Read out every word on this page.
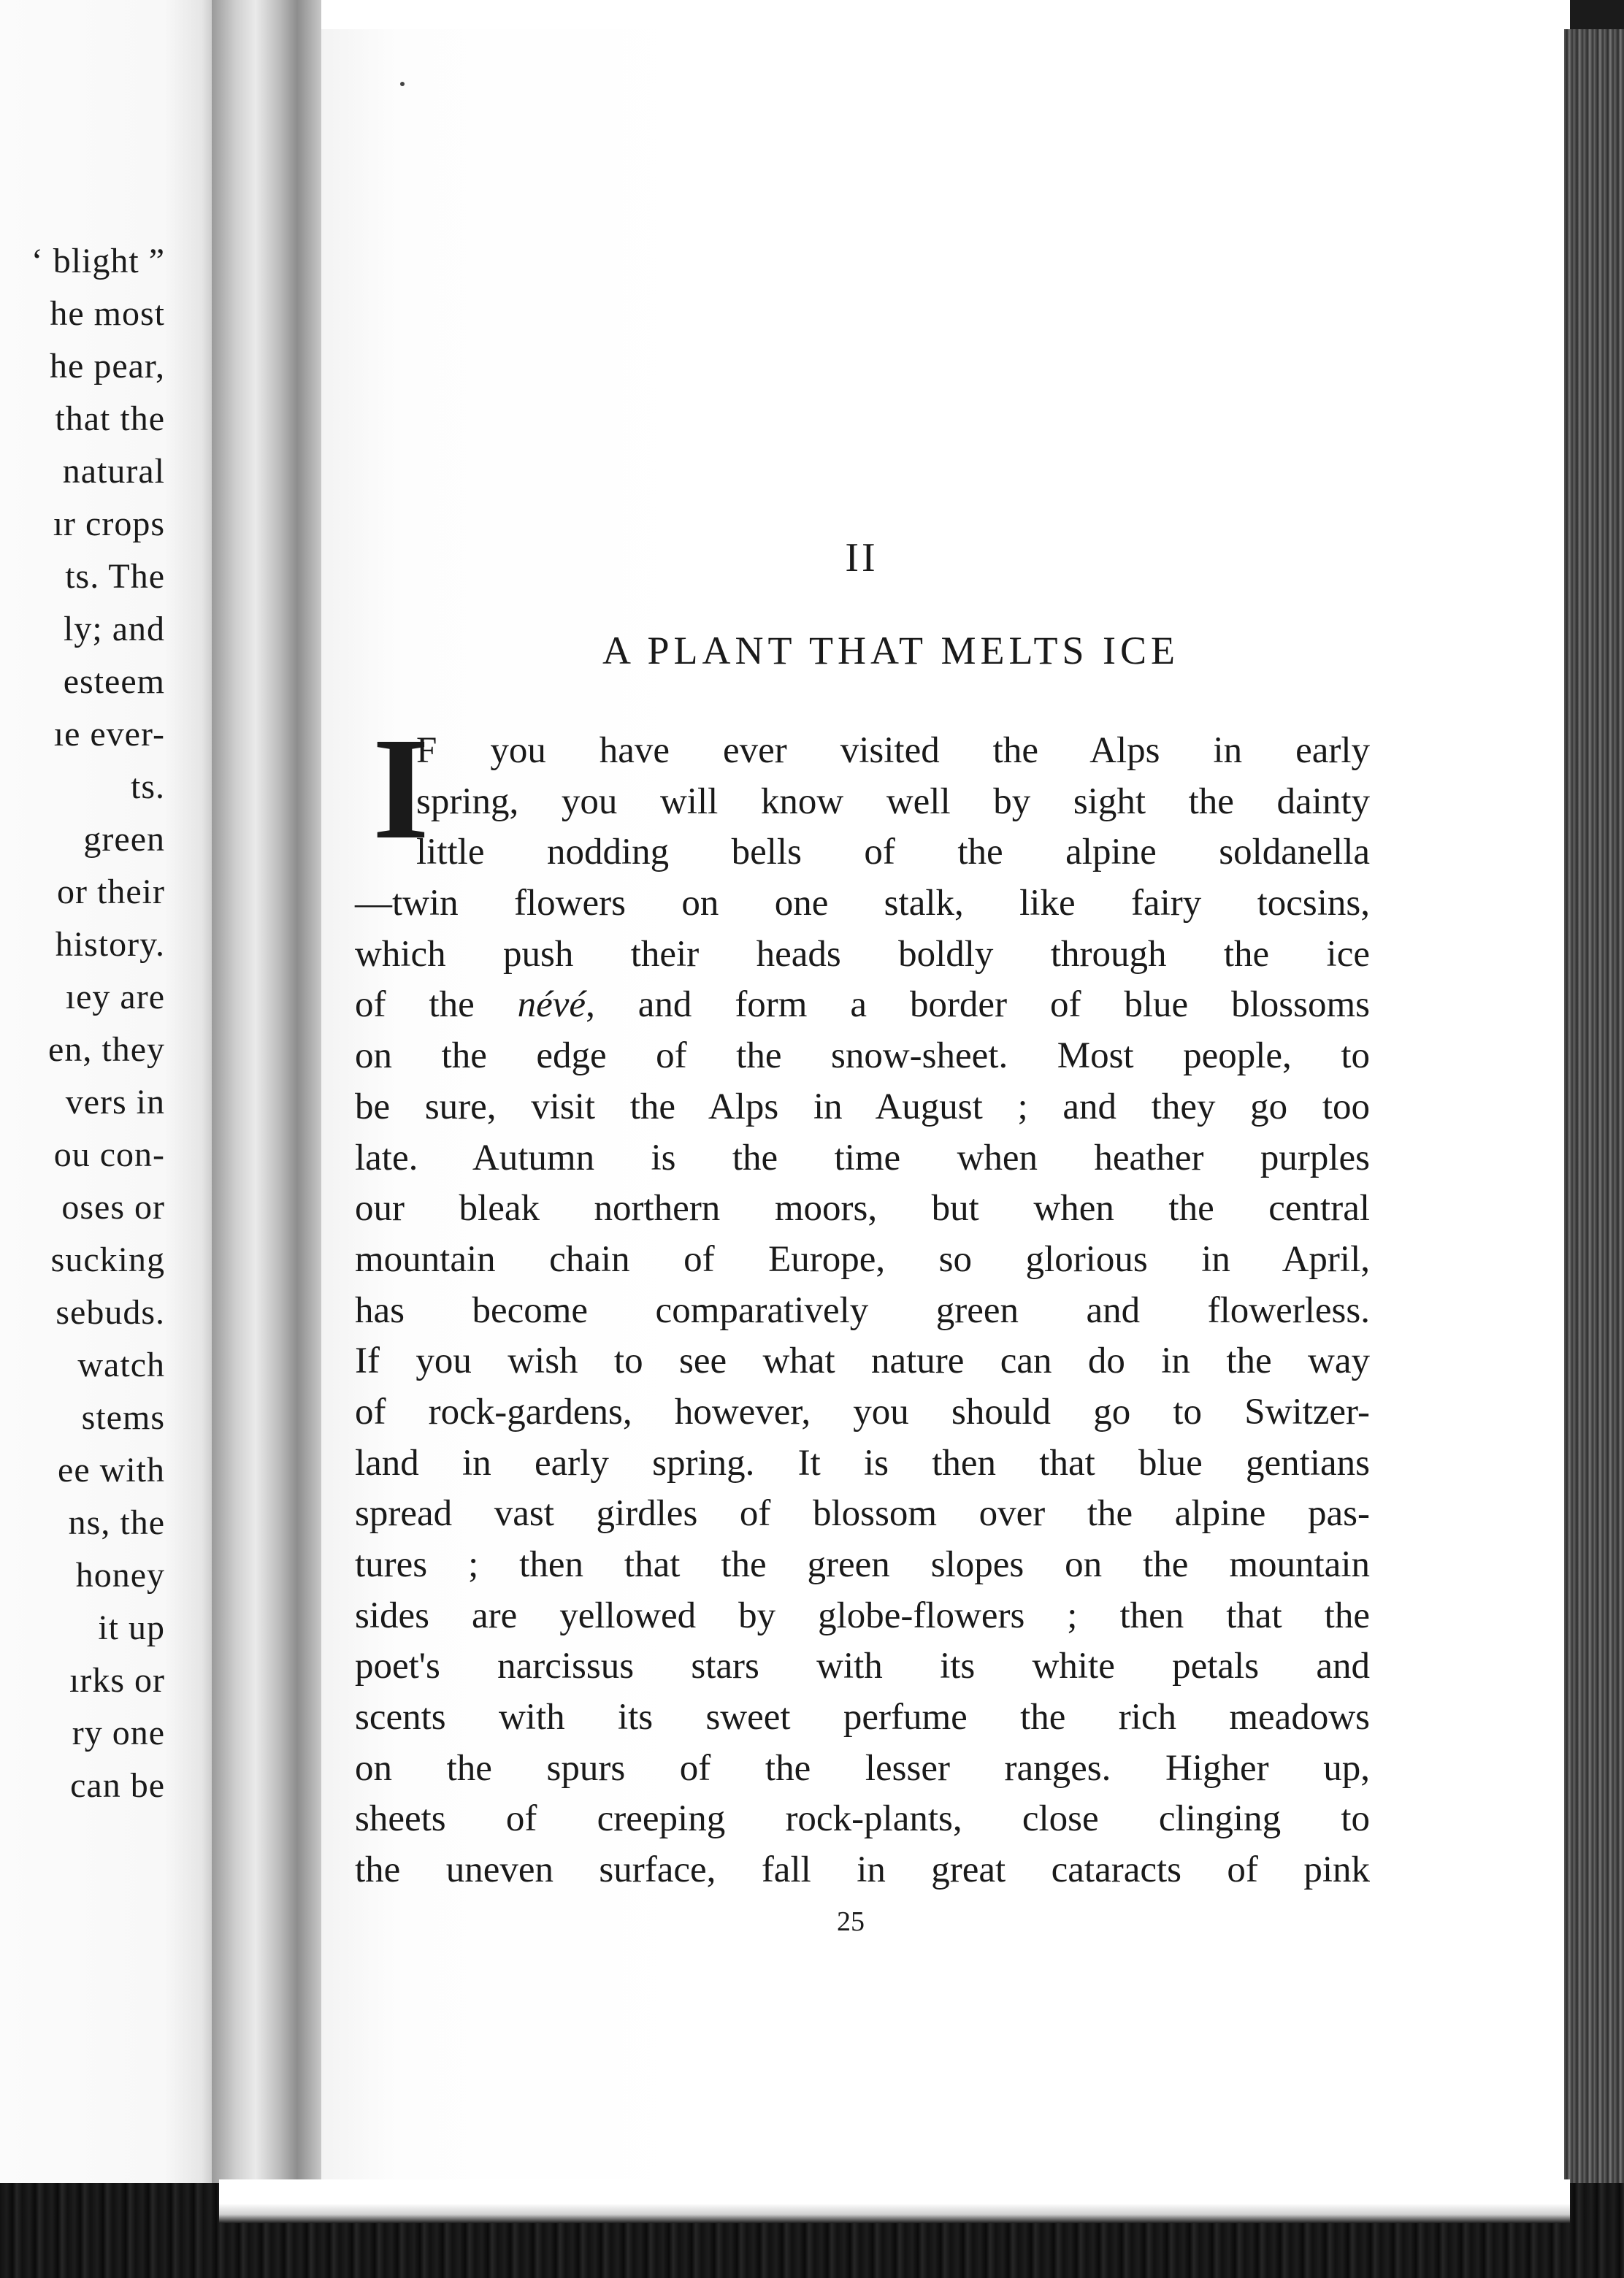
‘ blight ”
he most
he pear,
that the
natural
ır crops
ts. The
ly; and
esteem
ıe ever-
ts.
green
or their
history.
ıey are
en, they
vers in
ou con-
oses or
sucking
sebuds.
watch
stems
ee with
ns, the
honey
it up
ırks or
ry one
can be
II
A PLANT THAT MELTS ICE
I
F you have ever visited the Alps in early
spring, you will know well by sight the dainty
little nodding bells of the alpine soldanella
—twin flowers on one stalk, like fairy tocsins,
which push their heads boldly through the ice
of the névé, and form a border of blue blossoms
on the edge of the snow-sheet. Most people, to
be sure, visit the Alps in August ; and they go too
late. Autumn is the time when heather purples
our bleak northern moors, but when the central
mountain chain of Europe, so glorious in April,
has become comparatively green and flowerless.
If you wish to see what nature can do in the way
of rock-gardens, however, you should go to Switzer-
land in early spring. It is then that blue gentians
spread vast girdles of blossom over the alpine pas-
tures ; then that the green slopes on the mountain
sides are yellowed by globe-flowers ; then that the
poet's narcissus stars with its white petals and
scents with its sweet perfume the rich meadows
on the spurs of the lesser ranges. Higher up,
sheets of creeping rock-plants, close clinging to
the uneven surface, fall in great cataracts of pink
25
